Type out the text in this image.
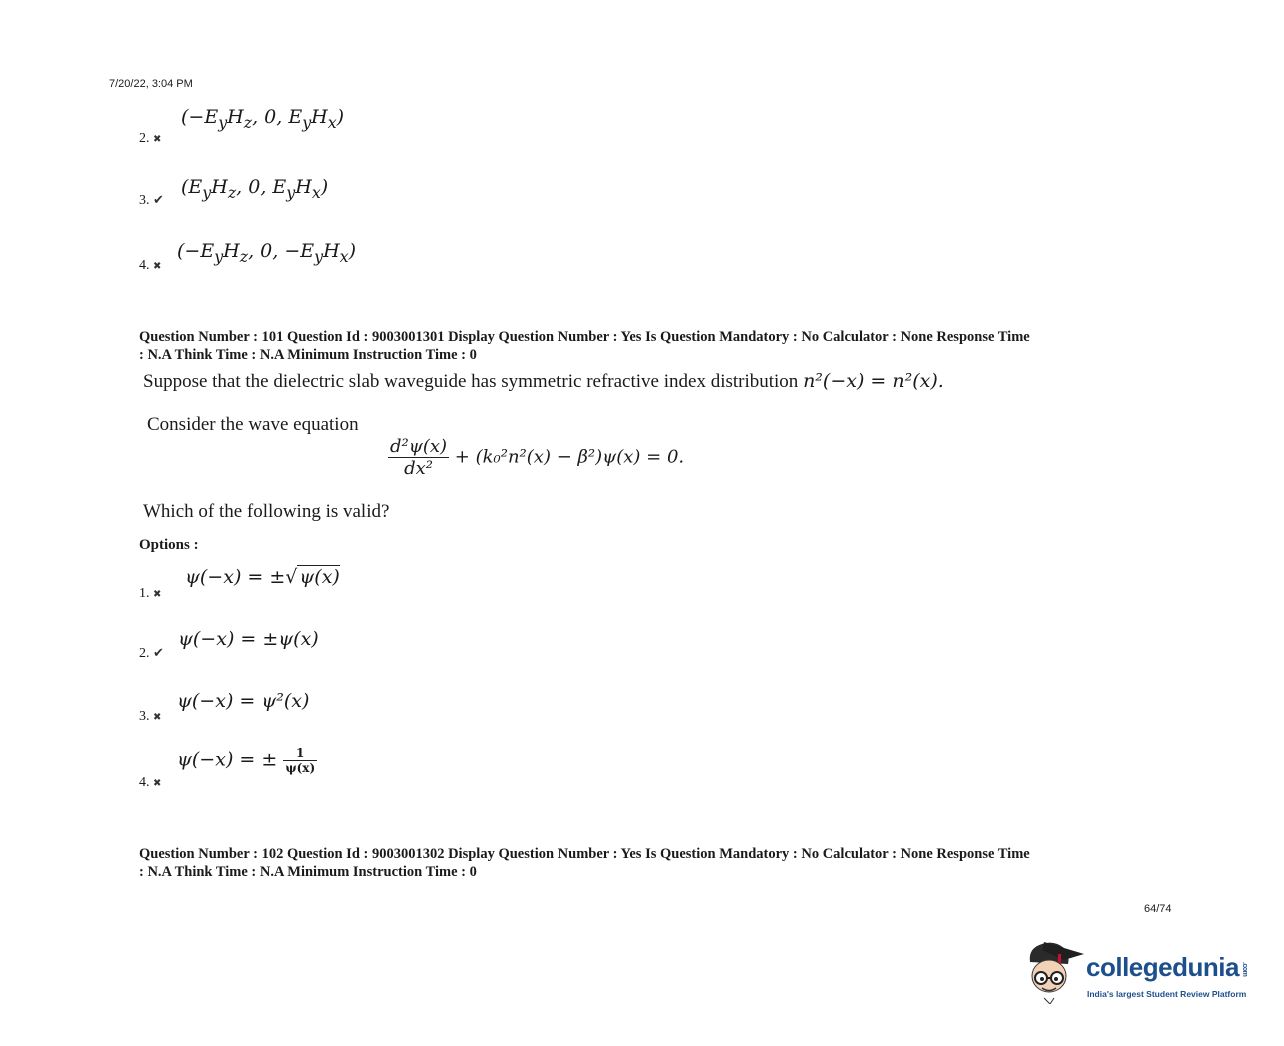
7/20/22, 3:04 PM
($-E_yH_z$, 0, $E_yH_x$)
2. ✖
($E_yH_z$, 0, $E_yH_x$)
3. ✔
($-E_yH_z$, 0, $-E_yH_x$)
4. ✖
Question Number : 101 Question Id : 9003001301 Display Question Number : Yes Is Question Mandatory : No Calculator : None Response Time
: N.A Think Time : N.A Minimum Instruction Time : 0
Suppose that the dielectric slab waveguide has symmetric refractive index distribution n²(−x) = n²(x).
Consider the wave equation
$\frac{\text{d²ψ(x)}}{\text{dx²}} + (k_0^2n^2(x) - \beta^2)\psi(x) = 0$.
Which of the following is valid?
Options :
ψ(−x) = ±√ ψ(x)
1. ✖
ψ(−x) = ±ψ(x)
2. ✔
ψ(−x) = ψ²(x)
3. ✖
ψ(−x) = ± $\frac{1}{\psi(x)}$
4. ✖
Question Number : 102 Question Id : 9003001302 Display Question Number : Yes Is Question Mandatory : No Calculator : None Response Time
: N.A Think Time : N.A Minimum Instruction Time : 0
64/74
collegedunia .com
India's largest Student Review Platform
